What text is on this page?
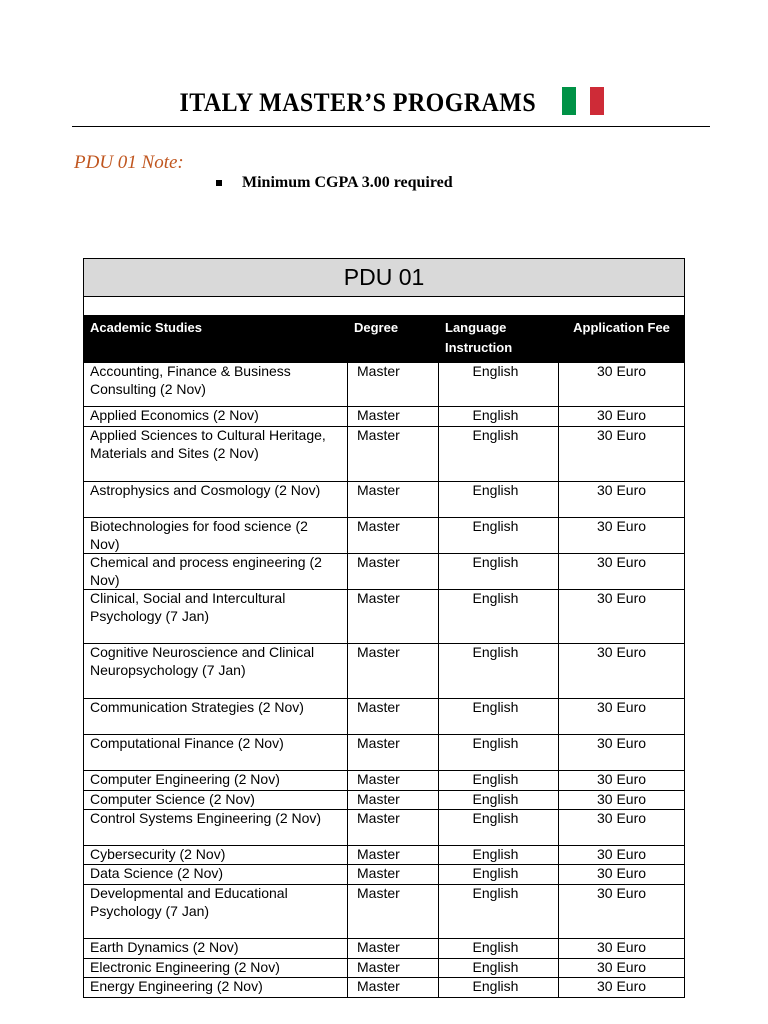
ITALY MASTER’S PROGRAMS
PDU 01 Note:
Minimum CGPA 3.00 required
PDU 01			

Academic Studies	Degree	Language Instruction	Application Fee
Accounting, Finance & Business Consulting (2 Nov)	Master	English	30 Euro
Applied Economics (2 Nov)	Master	English	30 Euro
Applied Sciences to Cultural Heritage, Materials and Sites (2 Nov)	Master	English	30 Euro
Astrophysics and Cosmology (2 Nov)	Master	English	30 Euro
Biotechnologies for food science (2 Nov)	Master	English	30 Euro
Chemical and process engineering (2 Nov)	Master	English	30 Euro
Clinical, Social and Intercultural Psychology (7 Jan)	Master	English	30 Euro
Cognitive Neuroscience and Clinical Neuropsychology (7 Jan)	Master	English	30 Euro
Communication Strategies (2 Nov)	Master	English	30 Euro
Computational Finance (2 Nov)	Master	English	30 Euro
Computer Engineering (2 Nov)	Master	English	30 Euro
Computer Science (2 Nov)	Master	English	30 Euro
Control Systems Engineering (2 Nov)	Master	English	30 Euro
Cybersecurity (2 Nov)	Master	English	30 Euro
Data Science (2 Nov)	Master	English	30 Euro
Developmental and Educational Psychology (7 Jan)	Master	English	30 Euro
Earth Dynamics (2 Nov)	Master	English	30 Euro
Electronic Engineering (2 Nov)	Master	English	30 Euro
Energy Engineering (2 Nov)	Master	English	30 Euro
